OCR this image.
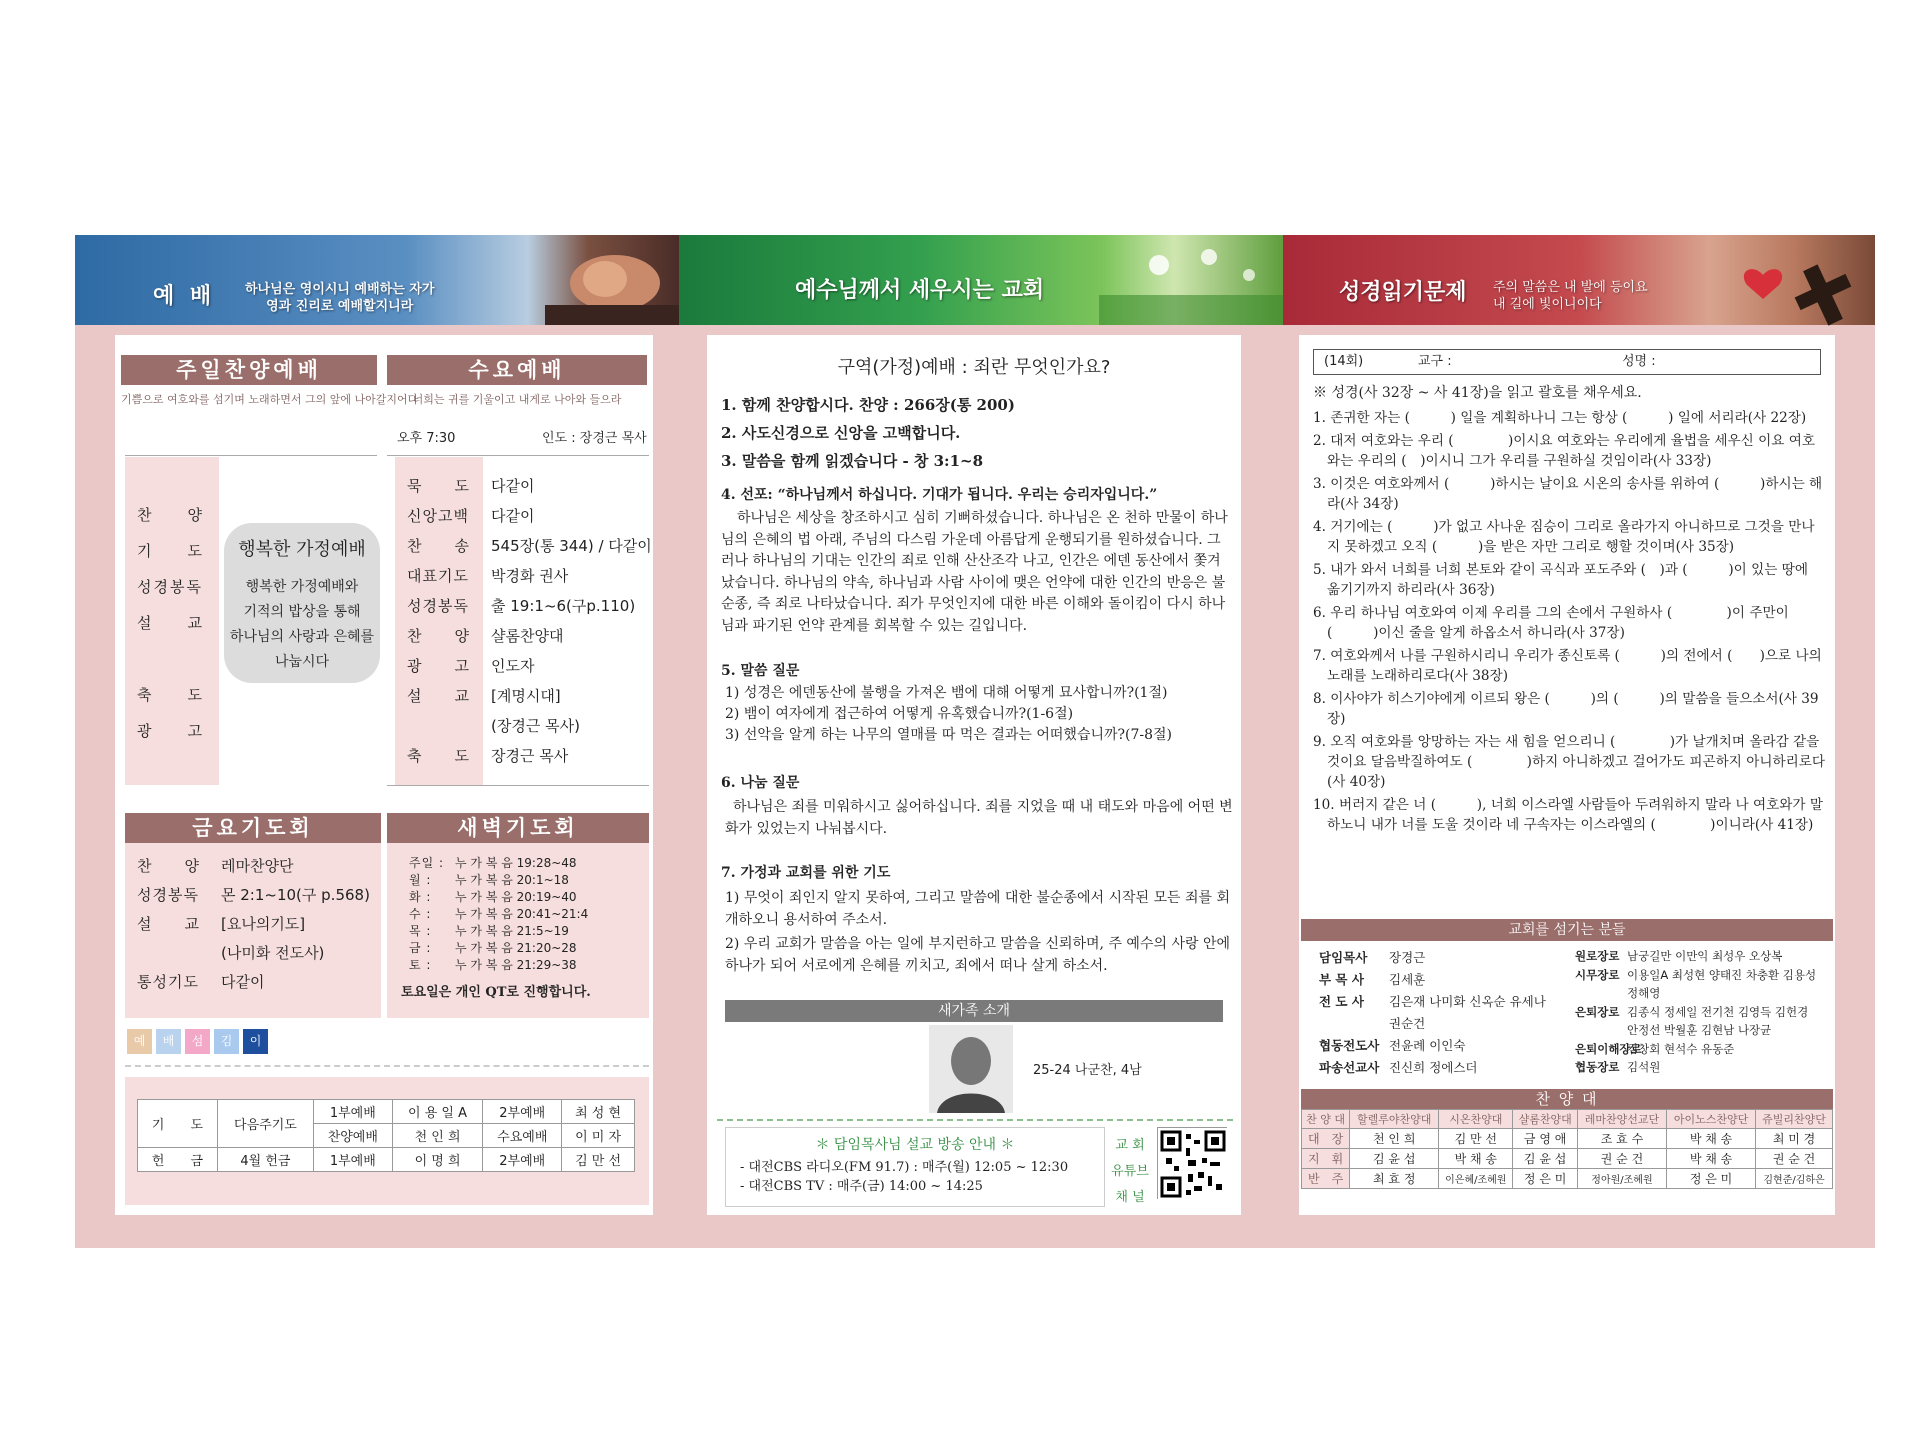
예 배 하나님은 영이시니 예배하는 자가
영과 진리로 예배할지니라
예수님께서 세우시는 교회	성경읽기문제 주의 말씀은 내 발에 등이요
내 길에 빛이니이다
주일찬양예배
기쁨으로 여호와를 섬기며 노래하면서 그의 앞에 나아갈지어다
수요예배
너희는 귀를 기울이고 내게로 나아와 들으라
오후 7:30	인도 : 장경근 목사
찬　　양
기　　도
성경봉독
설　　교
축　　도
광　　고
행복한 가정예배
행복한 가정예배와
기적의 밥상을 통해
하나님의 사랑과 은혜를
나눕시다
묵　　도	다같이
신앙고백	다같이
찬　　송	545장(통 344) / 다같이
대표기도	박경화 권사
성경봉독	출 19:1~6(구p.110)
찬　　양	샬롬찬양대
광　　고	인도자
설　　교	[계명시대]
(장경근 목사)
축　　도	장경근 목사
금요기도회
찬　　양	레마찬양단
성경봉독	몬 2:1~10(구 p.568)
설　　교	[요나의기도]
(나미화 전도사)
통성기도	다같이
새벽기도회
주일 : 누 가 복 음 19:28~48
월 :	누 가 복 음 20:1~18
화 :	누 가 복 음 20:19~40
수 :	누 가 복 음 20:41~21:4
목 :	누 가 복 음 21:5~19
금 :	누 가 복 음 21:20~28
토 :	누 가 복 음 21:29~38
토요일은 개인 QT로 진행합니다.
예	배	섬	김	이
기　　도	다음주기도	1부예배	이 용 일 A	2부예배	최 성 현
		찬양예배	천 인 희	수요예배	이 미 자
헌　　금	4월 헌금	1부예배	이 명 희	2부예배	김 만 선
구역(가정)예배 : 죄란 무엇인가요?
1. 함께 찬양합시다. 찬양 : 266장(통 200)
2. 사도신경으로 신앙을 고백합니다.
3. 말씀을 함께 읽겠습니다 - 창 3:1~8
4. 선포: “하나님께서 하십니다. 기대가 됩니다. 우리는 승리자입니다.”
하나님은 세상을 창조하시고 심히 기뻐하셨습니다. 하나님은 온 천하 만물이 하나님의 은혜의 법 아래, 주님의 다스림 가운데 아름답게 운행되기를 원하셨습니다. 그러나 하나님의 기대는 인간의 죄로 인해 산산조각 나고, 인간은 에덴 동산에서 쫓겨났습니다. 하나님의 약속, 하나님과 사람 사이에 맺은 언약에 대한 인간의 반응은 불순종, 즉 죄로 나타났습니다. 죄가 무엇인지에 대한 바른 이해와 돌이킴이 다시 하나님과 파기된 언약 관계를 회복할 수 있는 길입니다.
5. 말씀 질문
1) 성경은 에덴동산에 불행을 가져온 뱀에 대해 어떻게 묘사합니까?(1절)
2) 뱀이 여자에게 접근하여 어떻게 유혹했습니까?(1-6절)
3) 선악을 알게 하는 나무의 열매를 따 먹은 결과는 어떠했습니까?(7-8절)
6. 나눔 질문
하나님은 죄를 미워하시고 싫어하십니다. 죄를 지었을 때 내 태도와 마음에 어떤 변화가 있었는지 나눠봅시다.
7. 가정과 교회를 위한 기도
1) 무엇이 죄인지 알지 못하여, 그리고 말씀에 대한 불순종에서 시작된 모든 죄를 회개하오니 용서하여 주소서.
2) 우리 교회가 말씀을 아는 일에 부지런하고 말씀을 신뢰하며, 주 예수의 사랑 안에 하나가 되어 서로에게 은혜를 끼치고, 죄에서 떠나 살게 하소서.
새가족 소개
25-24 나군찬, 4남
＊ 담임목사님 설교 방송 안내 ＊
- 대전CBS 라디오(FM 91.7) : 매주(월) 12:05 ~ 12:30
- 대전CBS TV : 매주(금) 14:00 ~ 14:25
교 회
유튜브
채 널
(14회)	교구 :	성명 :
※ 성경(사 32장 ~ 사 41장)을 읽고 괄호를 채우세요.
1. 존귀한 자는 (　　　) 일을 계획하나니 그는 항상 (　　　) 일에 서리라(사 22장)
2. 대저 여호와는 우리 (　　　　)이시요 여호와는 우리에게 율법을 세우신 이요 여호와는 우리의 (　)이시니 그가 우리를 구원하실 것임이라(사 33장)
3. 이것은 여호와께서 (　　　)하시는 날이요 시온의 송사를 위하여 (　　　)하시는 해라(사 34장)
4. 거기에는 (　　　)가 없고 사나운 짐승이 그리로 올라가지 아니하므로 그것을 만나지 못하겠고 오직 (　　　)을 받은 자만 그리로 행할 것이며(사 35장)
5. 내가 와서 너희를 너희 본토와 같이 곡식과 포도주와 (　)과 (　　　)이 있는 땅에 옮기기까지 하리라(사 36장)
6. 우리 하나님 여호와여 이제 우리를 그의 손에서 구원하사 (　　　　)이 주만이 (　　　)이신 줄을 알게 하옵소서 하니라(사 37장)
7. 여호와께서 나를 구원하시리니 우리가 종신토록 (　　　)의 전에서 (　　)으로 나의 노래를 노래하리로다(사 38장)
8. 이사야가 히스기야에게 이르되 왕은 (　　　)의 (　　　)의 말씀을 들으소서(사 39장)
9. 오직 여호와를 앙망하는 자는 새 힘을 얻으리니 (　　　　)가 날개치며 올라감 같을 것이요 달음박질하여도 (　　　　)하지 아니하겠고 걸어가도 피곤하지 아니하리로다(사 40장)
10. 버러지 같은 너 (　　　), 너희 이스라엘 사람들아 두려워하지 말라 나 여호와가 말하노니 내가 너를 도울 것이라 네 구속자는 이스라엘의 (　　　　)이니라(사 41장)
교회를 섬기는 분들
담임목사	장경근
부 목 사	김세훈
전 도 사	김은재 나미화 신옥순 유세나
권순건
협동전도사 전윤례 이인숙
파송선교사 진신희 정에스더
원로장로 남궁길만 이만익 최성우 오상복
시무장로 이용일A 최성현 양태진 차충환 김용성
정해영
은퇴장로 김종식 정세일 전기천 김영득 김헌경
안정선 박월훈 김현남 나장균
은퇴이해장로
김창회 현석수 유동준
협동장로 김석원
찬 양 대
찬 양 대	할렐루야찬양대	시온찬양대	샬롬찬양대	레마찬양선교단	아이노스찬양단	쥬빌리찬양단
대　장	천 인 희	김 만 선	금 영 애	조 효 수	박 채 송	최 미 경
지　휘	김 윤 섭	박 채 송	김 윤 섭	권 순 건	박 채 송	권 순 건
반　주	최 효 정	이은혜/조혜원	정 은 미	정아원/조혜원	정 은 미	김현준/김하은
